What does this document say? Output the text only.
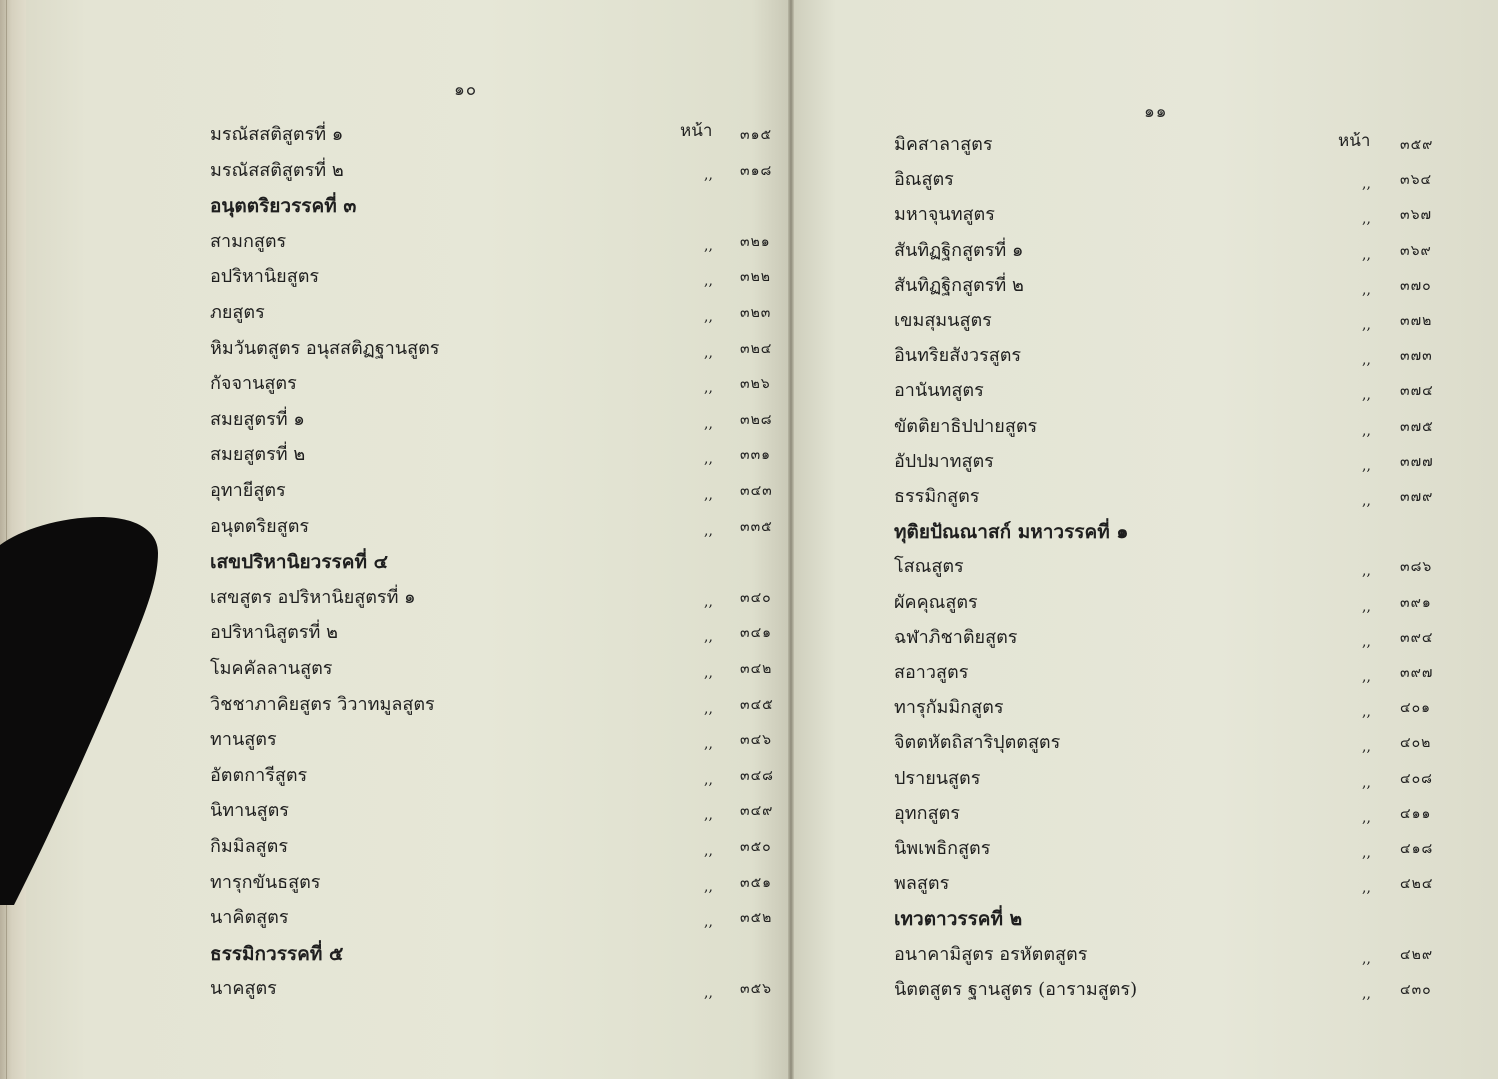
๑๐
มรณัสสติสูตรที่ ๑	หน้า ๓๑๕
มรณัสสติสูตรที่ ๒	,, ๓๑๘
อนุตตริยวรรคที่ ๓
สามกสูตร	,, ๓๒๑
อปริหานิยสูตร	,, ๓๒๒
ภยสูตร	,, ๓๒๓
หิมวันตสูตร อนุสสติฏฐานสูตร	,, ๓๒๔
กัจจานสูตร	,, ๓๒๖
สมยสูตรที่ ๑	,, ๓๒๘
สมยสูตรที่ ๒	,, ๓๓๑
อุทายีสูตร	,, ๓๔๓
อนุตตริยสูตร	,, ๓๓๕
เสขปริหานิยวรรคที่ ๔
เสขสูตร อปริหานิยสูตรที่ ๑	,, ๓๔๐
อปริหานิสูตรที่ ๒	,, ๓๔๑
โมคคัลลานสูตร	,, ๓๔๒
วิชชาภาคิยสูตร วิวาทมูลสูตร	,, ๓๔๕
ทานสูตร	,, ๓๔๖
อัตตการีสูตร	,, ๓๔๘
นิทานสูตร	,, ๓๔๙
กิมมิลสูตร	,, ๓๕๐
ทารุกขันธสูตร	,, ๓๕๑
นาคิตสูตร	,, ๓๕๒
ธรรมิกวรรคที่ ๕
นาคสูตร	,, ๓๕๖
๑๑
มิคสาลาสูตร	หน้า ๓๕๙
อิณสูตร	,, ๓๖๔
มหาจุนทสูตร	,, ๓๖๗
สันทิฏฐิกสูตรที่ ๑	,, ๓๖๙
สันทิฏฐิกสูตรที่ ๒	,, ๓๗๐
เขมสุมนสูตร	,, ๓๗๒
อินทริยสังวรสูตร	,, ๓๗๓
อานันทสูตร	,, ๓๗๔
ขัตติยาธิปปายสูตร	,, ๓๗๕
อัปปมาทสูตร	,, ๓๗๗
ธรรมิกสูตร	,, ๓๗๙
ทุติยปัณณาสก์ มหาวรรคที่ ๑
โสณสูตร	,, ๓๘๖
ผัคคุณสูตร	,, ๓๙๑
ฉฬาภิชาติยสูตร	,, ๓๙๔
สอาวสูตร	,, ๓๙๗
ทารุกัมมิกสูตร	,, ๔๐๑
จิตตหัตถิสาริปุตตสูตร	,, ๔๐๒
ปรายนสูตร	,, ๔๐๘
อุทกสูตร	,, ๔๑๑
นิพเพธิกสูตร	,, ๔๑๘
พลสูตร	,, ๔๒๔
เทวตาวรรคที่ ๒
อนาคามิสูตร อรหัตตสูตร	,, ๔๒๙
นิตตสูตร ฐานสูตร (อารามสูตร)	,, ๔๓๐
